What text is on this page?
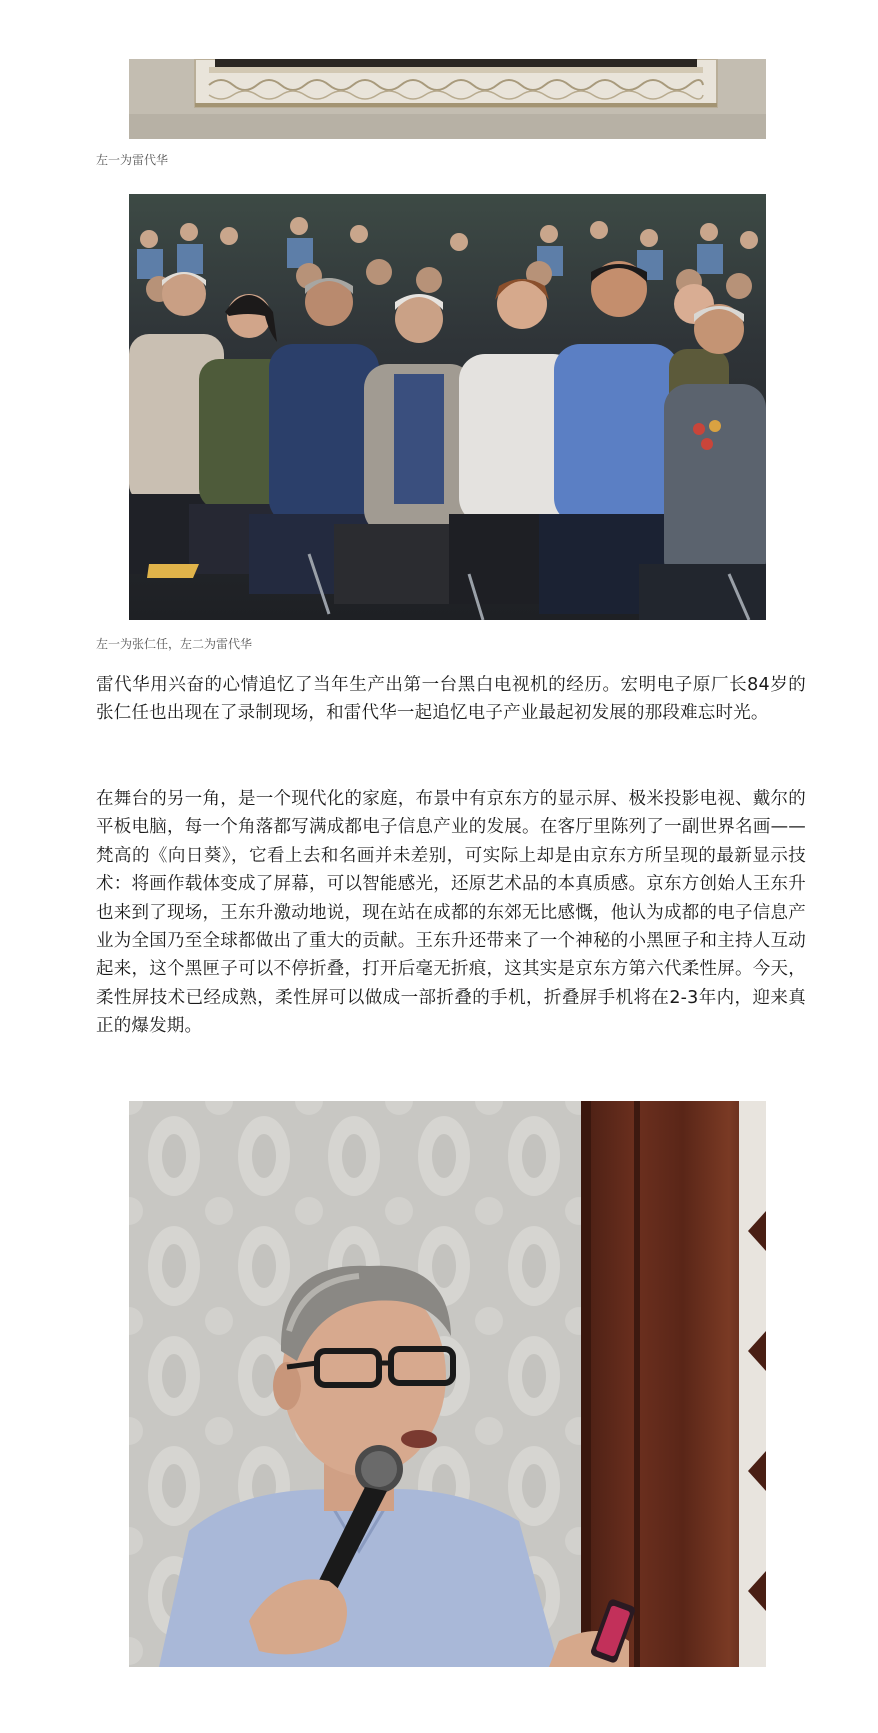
左一为雷代华
左一为张仁任，左二为雷代华

雷代华用兴奋的心情追忆了当年生产出第一台黑白电视机的经历。宏明电子原厂长84岁的张仁任也出现在了录制现场，和雷代华一起追忆电子产业最起初发展的那段难忘时光。

在舞台的另一角，是一个现代化的家庭，布景中有京东方的显示屏、极米投影电视、戴尔的平板电脑，每一个角落都写满成都电子信息产业的发展。在客厅里陈列了一副世界名画——梵高的《向日葵》，它看上去和名画并未差别，可实际上却是由京东方所呈现的最新显示技术：将画作载体变成了屏幕，可以智能感光，还原艺术品的本真质感。京东方创始人王东升也来到了现场，王东升激动地说，现在站在成都的东郊无比感慨，他认为成都的电子信息产业为全国乃至全球都做出了重大的贡献。王东升还带来了一个神秘的小黑匣子和主持人互动起来，这个黑匣子可以不停折叠，打开后毫无折痕，这其实是京东方第六代柔性屏。今天，柔性屏技术已经成熟，柔性屏可以做成一部折叠的手机，折叠屏手机将在2-3年内，迎来真正的爆发期。
